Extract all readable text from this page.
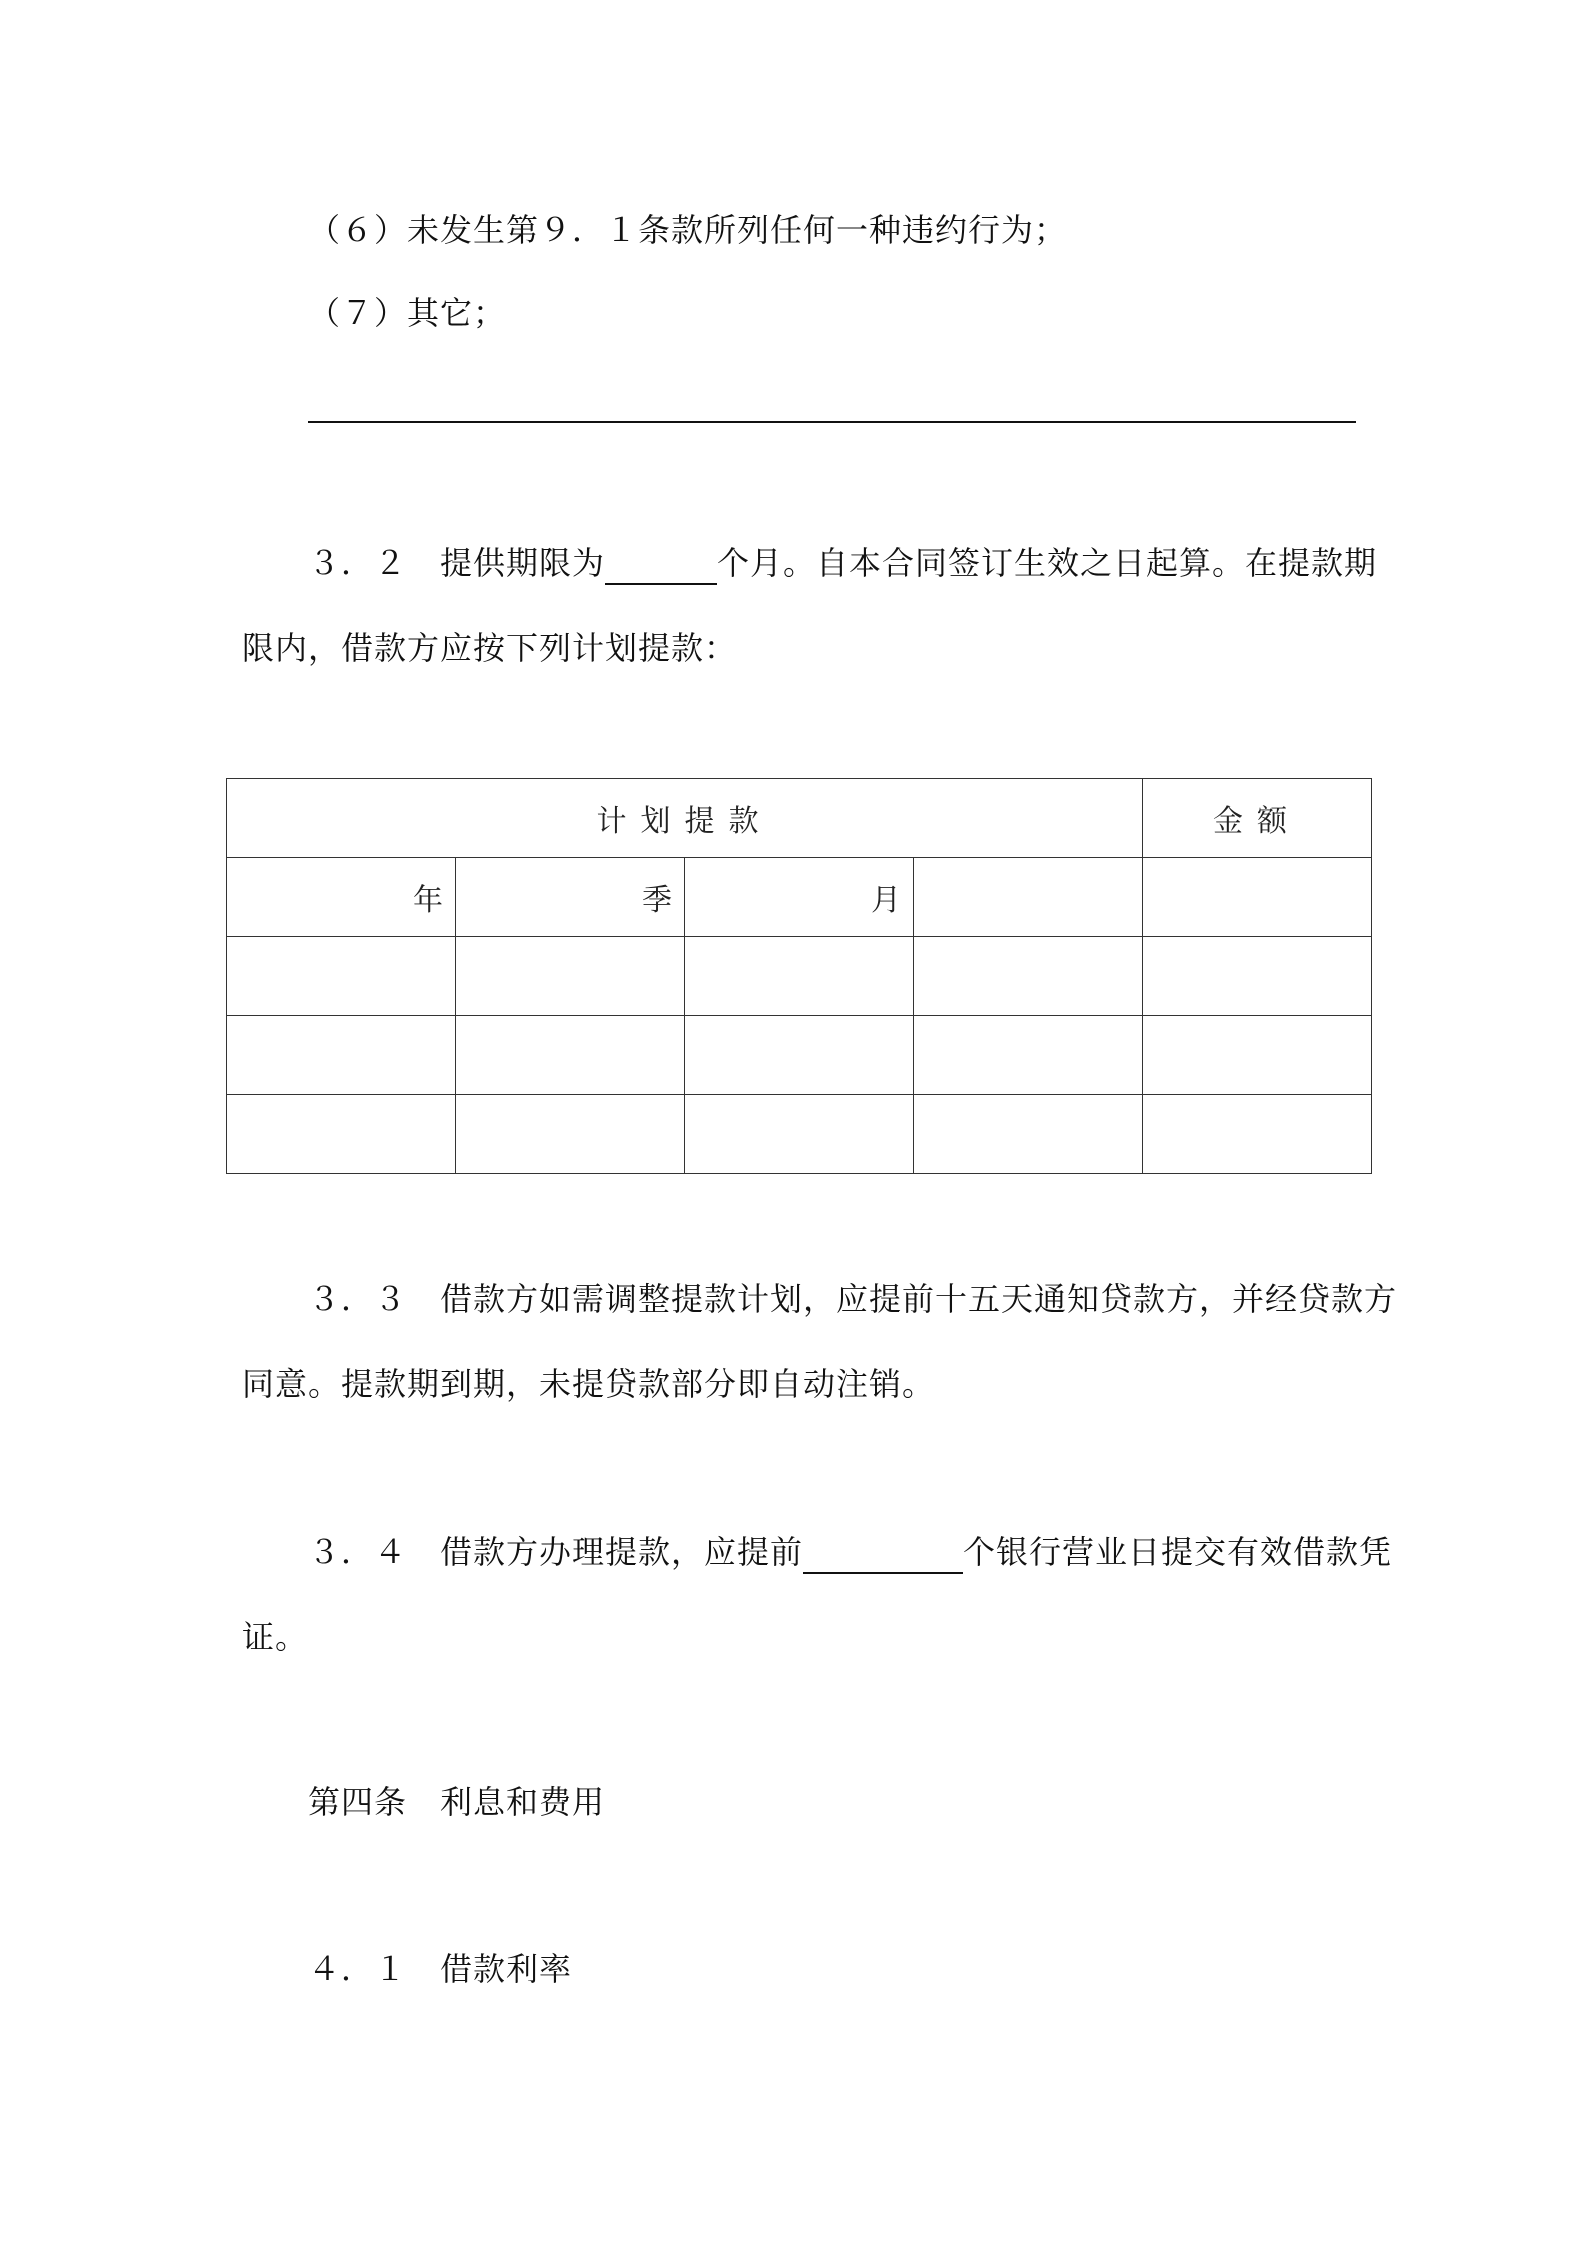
（６）未发生第９．１条款所列任何一种违约行为；
（７）其它；
３．２　提供期限为	个月。自本合同签订生效之日起算。在提款期
限内，借款方应按下列计划提款：
计划提款				金额
年	季	月		

３．３　借款方如需调整提款计划，应提前十五天通知贷款方，并经贷款方
同意。提款期到期，未提贷款部分即自动注销。
３．４　借款方办理提款，应提前	个银行营业日提交有效借款凭
证。
第四条　利息和费用
４．１　借款利率
